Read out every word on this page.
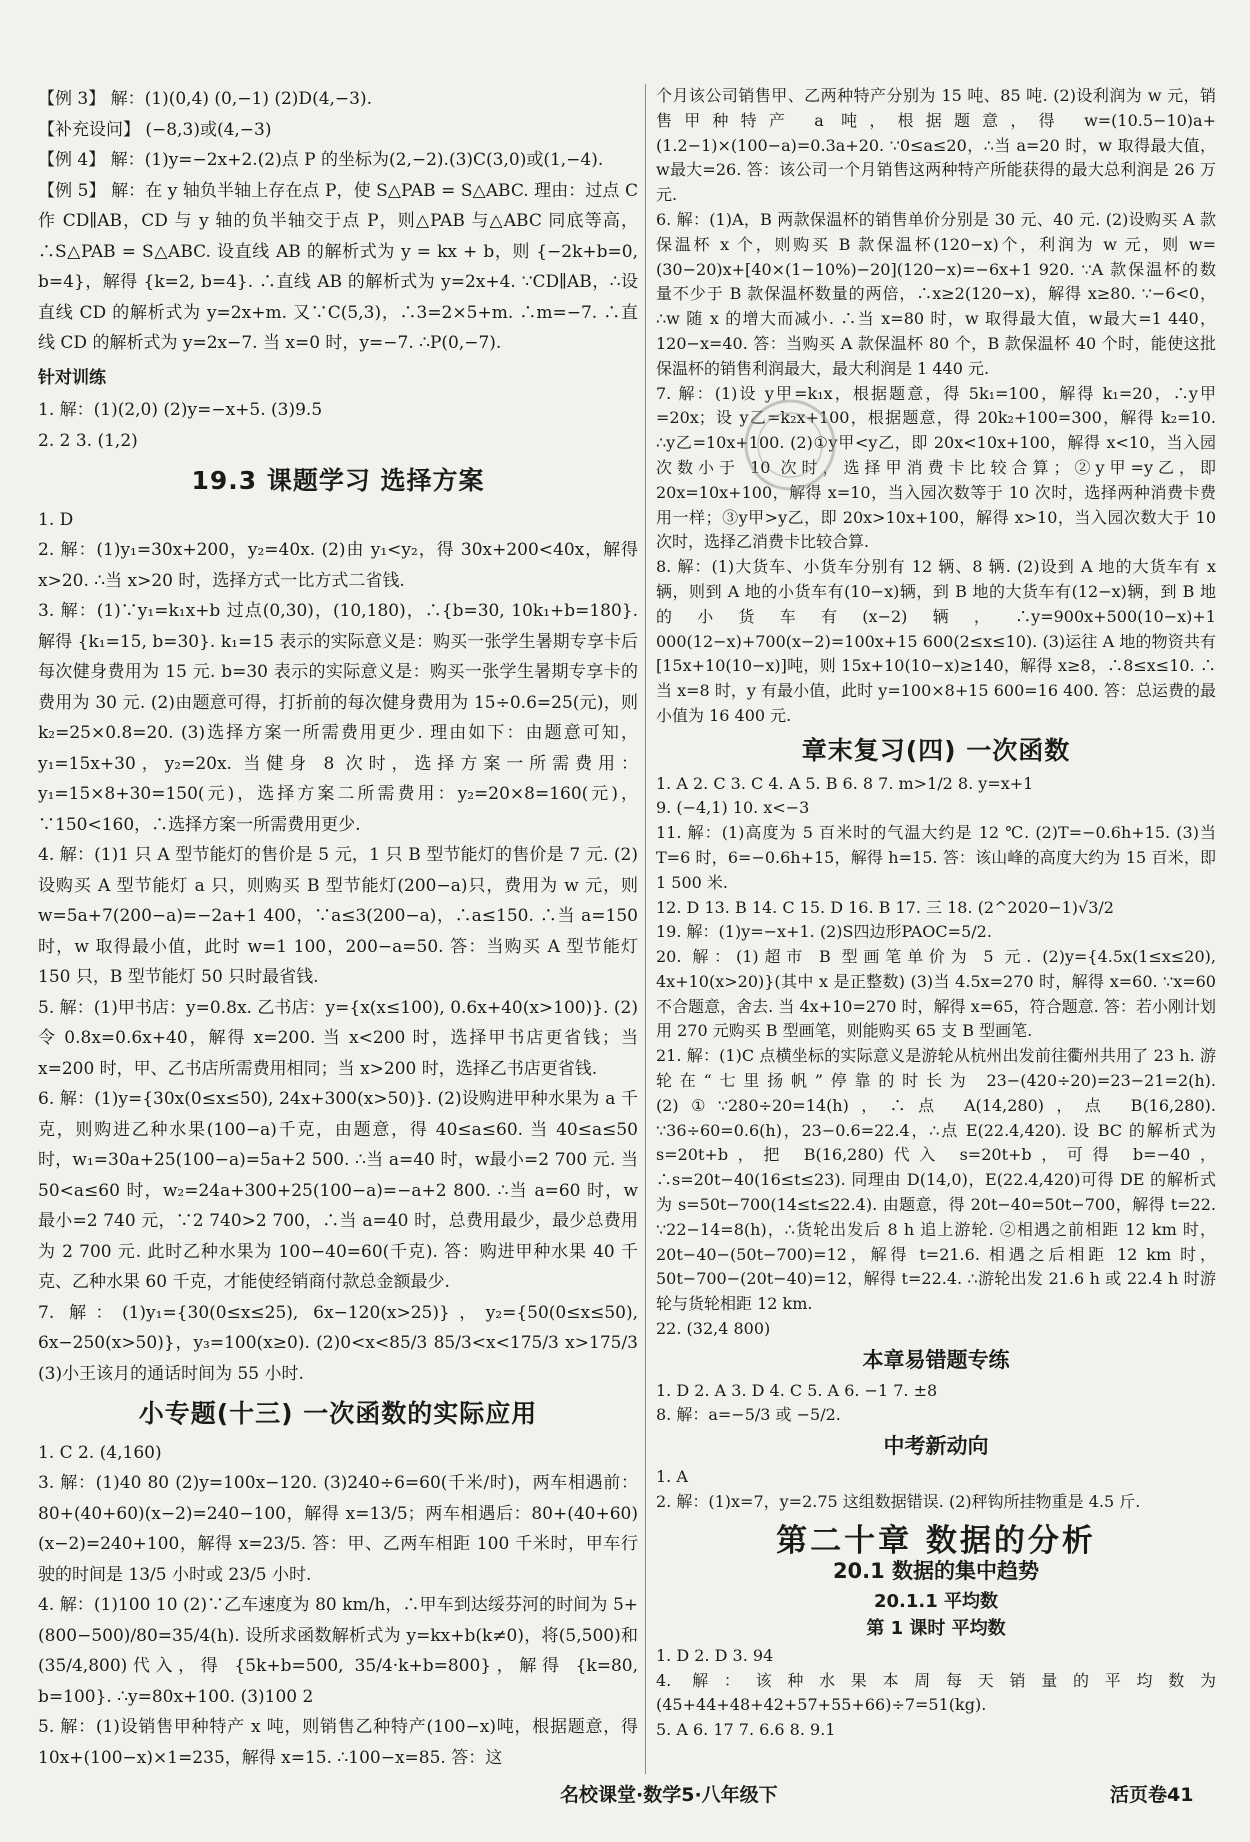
【例 3】 解：(1)(0,4) (0,−1) (2)D(4,−3).

【补充设问】 (−8,3)或(4,−3)

【例 4】 解：(1)y=−2x+2.(2)点 P 的坐标为(2,−2).(3)C(3,0)或(1,−4).

【例 5】 解：在 y 轴负半轴上存在点 P，使 S△PAB = S△ABC. 理由：过点 C 作 CD∥AB，CD 与 y 轴的负半轴交于点 P，则△PAB 与△ABC 同底等高，∴S△PAB = S△ABC. 设直线 AB 的解析式为 y = kx + b，则 {−2k+b=0, b=4}，解得 {k=2, b=4}. ∴直线 AB 的解析式为 y=2x+4. ∵CD∥AB，∴设直线 CD 的解析式为 y=2x+m. 又∵C(5,3)，∴3=2×5+m. ∴m=−7. ∴直线 CD 的解析式为 y=2x−7. 当 x=0 时，y=−7. ∴P(0,−7).

针对训练

1. 解：(1)(2,0) (2)y=−x+5. (3)9.5

2. 2 3. (1,2)

19.3 课题学习 选择方案

1. D

2. 解：(1)y₁=30x+200，y₂=40x. (2)由 y₁<y₂，得 30x+200<40x，解得 x>20. ∴当 x>20 时，选择方式一比方式二省钱.

3. 解：(1)∵y₁=k₁x+b 过点(0,30)，(10,180)，∴{b=30, 10k₁+b=180}. 解得 {k₁=15, b=30}. k₁=15 表示的实际意义是：购买一张学生暑期专享卡后每次健身费用为 15 元. b=30 表示的实际意义是：购买一张学生暑期专享卡的费用为 30 元. (2)由题意可得，打折前的每次健身费用为 15÷0.6=25(元)，则 k₂=25×0.8=20. (3)选择方案一所需费用更少. 理由如下：由题意可知，y₁=15x+30，y₂=20x. 当健身 8 次时，选择方案一所需费用：y₁=15×8+30=150(元)，选择方案二所需费用：y₂=20×8=160(元)，∵150<160，∴选择方案一所需费用更少.

4. 解：(1)1 只 A 型节能灯的售价是 5 元，1 只 B 型节能灯的售价是 7 元. (2)设购买 A 型节能灯 a 只，则购买 B 型节能灯(200−a)只，费用为 w 元，则 w=5a+7(200−a)=−2a+1 400，∵a≤3(200−a)，∴a≤150. ∴当 a=150 时，w 取得最小值，此时 w=1 100，200−a=50. 答：当购买 A 型节能灯 150 只，B 型节能灯 50 只时最省钱.

5. 解：(1)甲书店：y=0.8x. 乙书店：y={x(x≤100), 0.6x+40(x>100)}. (2)令 0.8x=0.6x+40，解得 x=200. 当 x<200 时，选择甲书店更省钱；当 x=200 时，甲、乙书店所需费用相同；当 x>200 时，选择乙书店更省钱.

6. 解：(1)y={30x(0≤x≤50), 24x+300(x>50)}. (2)设购进甲种水果为 a 千克，则购进乙种水果(100−a)千克，由题意，得 40≤a≤60. 当 40≤a≤50 时，w₁=30a+25(100−a)=5a+2 500. ∴当 a=40 时，w最小=2 700 元. 当 50<a≤60 时，w₂=24a+300+25(100−a)=−a+2 800. ∴当 a=60 时，w最小=2 740 元，∵2 740>2 700，∴当 a=40 时，总费用最少，最少总费用为 2 700 元. 此时乙种水果为 100−40=60(千克). 答：购进甲种水果 40 千克、乙种水果 60 千克，才能使经销商付款总金额最少.

7. 解：(1)y₁={30(0≤x≤25), 6x−120(x>25)}，y₂={50(0≤x≤50), 6x−250(x>50)}，y₃=100(x≥0). (2)0<x<85/3 85/3<x<175/3 x>175/3 (3)小王该月的通话时间为 55 小时.

小专题(十三) 一次函数的实际应用

1. C 2. (4,160)

3. 解：(1)40 80 (2)y=100x−120. (3)240÷6=60(千米/时)，两车相遇前：80+(40+60)(x−2)=240−100，解得 x=13/5；两车相遇后：80+(40+60)(x−2)=240+100，解得 x=23/5. 答：甲、乙两车相距 100 千米时，甲车行驶的时间是 13/5 小时或 23/5 小时.

4. 解：(1)100 10 (2)∵乙车速度为 80 km/h，∴甲车到达绥芬河的时间为 5+(800−500)/80=35/4(h). 设所求函数解析式为 y=kx+b(k≠0)，将(5,500)和(35/4,800)代入，得 {5k+b=500, 35/4·k+b=800}，解得 {k=80, b=100}. ∴y=80x+100. (3)100 2

5. 解：(1)设销售甲种特产 x 吨，则销售乙种特产(100−x)吨，根据题意，得 10x+(100−x)×1=235，解得 x=15. ∴100−x=85. 答：这

个月该公司销售甲、乙两种特产分别为 15 吨、85 吨. (2)设利润为 w 元，销售甲种特产 a 吨，根据题意，得 w=(10.5−10)a+(1.2−1)×(100−a)=0.3a+20. ∵0≤a≤20，∴当 a=20 时，w 取得最大值，w最大=26. 答：该公司一个月销售这两种特产所能获得的最大总利润是 26 万元.

6. 解：(1)A，B 两款保温杯的销售单价分别是 30 元、40 元. (2)设购买 A 款保温杯 x 个，则购买 B 款保温杯(120−x)个，利润为 w 元，则 w=(30−20)x+[40×(1−10%)−20](120−x)=−6x+1 920. ∵A 款保温杯的数量不少于 B 款保温杯数量的两倍，∴x≥2(120−x)，解得 x≥80. ∵−6<0，∴w 随 x 的增大而减小. ∴当 x=80 时，w 取得最大值，w最大=1 440，120−x=40. 答：当购买 A 款保温杯 80 个，B 款保温杯 40 个时，能使这批保温杯的销售利润最大，最大利润是 1 440 元.

7. 解：(1)设 y甲=k₁x，根据题意，得 5k₁=100，解得 k₁=20，∴y甲=20x；设 y乙=k₂x+100，根据题意，得 20k₂+100=300，解得 k₂=10. ∴y乙=10x+100. (2)①y甲<y乙，即 20x<10x+100，解得 x<10，当入园次数小于 10 次时，选择甲消费卡比较合算；②y甲=y乙，即 20x=10x+100，解得 x=10，当入园次数等于 10 次时，选择两种消费卡费用一样；③y甲>y乙，即 20x>10x+100，解得 x>10，当入园次数大于 10 次时，选择乙消费卡比较合算.

8. 解：(1)大货车、小货车分别有 12 辆、8 辆. (2)设到 A 地的大货车有 x 辆，则到 A 地的小货车有(10−x)辆，到 B 地的大货车有(12−x)辆，到 B 地的小货车有(x−2)辆，∴y=900x+500(10−x)+1 000(12−x)+700(x−2)=100x+15 600(2≤x≤10). (3)运往 A 地的物资共有[15x+10(10−x)]吨，则 15x+10(10−x)≥140，解得 x≥8，∴8≤x≤10. ∴当 x=8 时，y 有最小值，此时 y=100×8+15 600=16 400. 答：总运费的最小值为 16 400 元.

章末复习(四) 一次函数

1. A 2. C 3. C 4. A 5. B 6. 8 7. m>1/2 8. y=x+1

9. (−4,1) 10. x<−3

11. 解：(1)高度为 5 百米时的气温大约是 12 ℃. (2)T=−0.6h+15. (3)当 T=6 时，6=−0.6h+15，解得 h=15. 答：该山峰的高度大约为 15 百米，即 1 500 米.

12. D 13. B 14. C 15. D 16. B 17. 三 18. (2^2020−1)√3/2

19. 解：(1)y=−x+1. (2)S四边形PAOC=5/2.

20. 解：(1)超市 B 型画笔单价为 5 元. (2)y={4.5x(1≤x≤20), 4x+10(x>20)}(其中 x 是正整数) (3)当 4.5x=270 时，解得 x=60. ∵x=60 不合题意，舍去. 当 4x+10=270 时，解得 x=65，符合题意. 答：若小刚计划用 270 元购买 B 型画笔，则能购买 65 支 B 型画笔.

21. 解：(1)C 点横坐标的实际意义是游轮从杭州出发前往衢州共用了 23 h. 游轮在“七里扬帆”停靠的时长为 23−(420÷20)=23−21=2(h). (2)①∵280÷20=14(h)，∴点 A(14,280)，点 B(16,280). ∵36÷60=0.6(h)，23−0.6=22.4，∴点 E(22.4,420). 设 BC 的解析式为 s=20t+b，把 B(16,280)代入 s=20t+b，可得 b=−40，∴s=20t−40(16≤t≤23). 同理由 D(14,0)，E(22.4,420)可得 DE 的解析式为 s=50t−700(14≤t≤22.4). 由题意，得 20t−40=50t−700，解得 t=22. ∵22−14=8(h)，∴货轮出发后 8 h 追上游轮. ②相遇之前相距 12 km 时，20t−40−(50t−700)=12，解得 t=21.6. 相遇之后相距 12 km 时，50t−700−(20t−40)=12，解得 t=22.4. ∴游轮出发 21.6 h 或 22.4 h 时游轮与货轮相距 12 km.

22. (32,4 800)

本章易错题专练

1. D 2. A 3. D 4. C 5. A 6. −1 7. ±8

8. 解：a=−5/3 或 −5/2.

中考新动向

1. A

2. 解：(1)x=7，y=2.75 这组数据错误. (2)秤钩所挂物重是 4.5 斤.

第二十章 数据的分析
20.1 数据的集中趋势
20.1.1 平均数
第 1 课时 平均数

1. D 2. D 3. 94

4. 解：该种水果本周每天销量的平均数为(45+44+48+42+57+55+66)÷7=51(kg).

5. A 6. 17 7. 6.6 8. 9.1

名校课堂·数学5·八年级下	活页卷41
